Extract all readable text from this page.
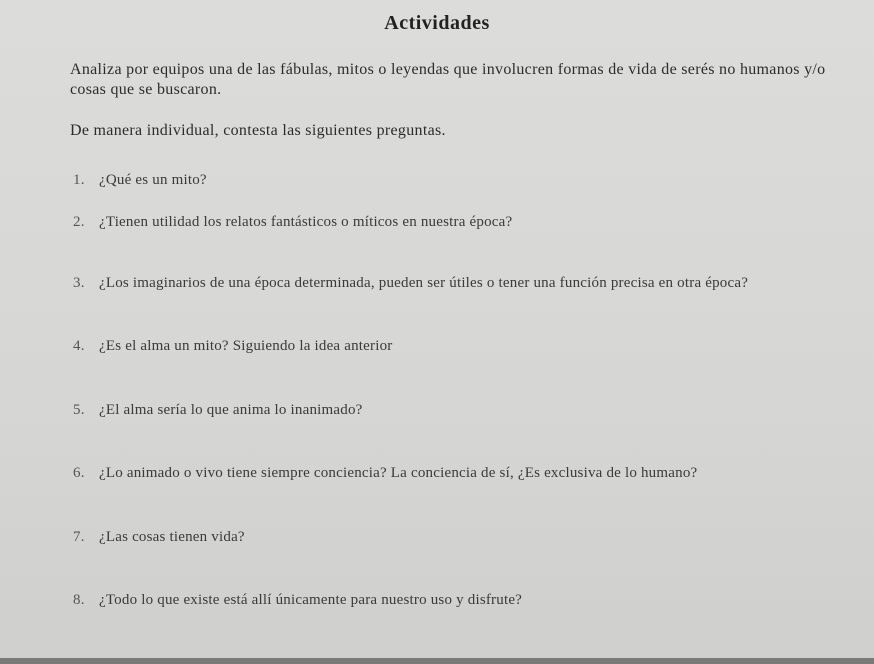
Actividades
Analiza por equipos una de las fábulas, mitos o leyendas que involucren formas de vida de serés no humanos y/o cosas que se buscaron.
De manera individual, contesta las siguientes preguntas.
1. ¿Qué es un mito?
2. ¿Tienen utilidad los relatos fantásticos o míticos en nuestra época?
3. ¿Los imaginarios de una época determinada, pueden ser útiles o tener una función precisa en otra época?
4. ¿Es el alma un mito? Siguiendo la idea anterior
5. ¿El alma sería lo que anima lo inanimado?
6. ¿Lo animado o vivo tiene siempre conciencia? La conciencia de sí, ¿Es exclusiva de lo humano?
7. ¿Las cosas tienen vida?
8. ¿Todo lo que existe está allí únicamente para nuestro uso y disfrute?
